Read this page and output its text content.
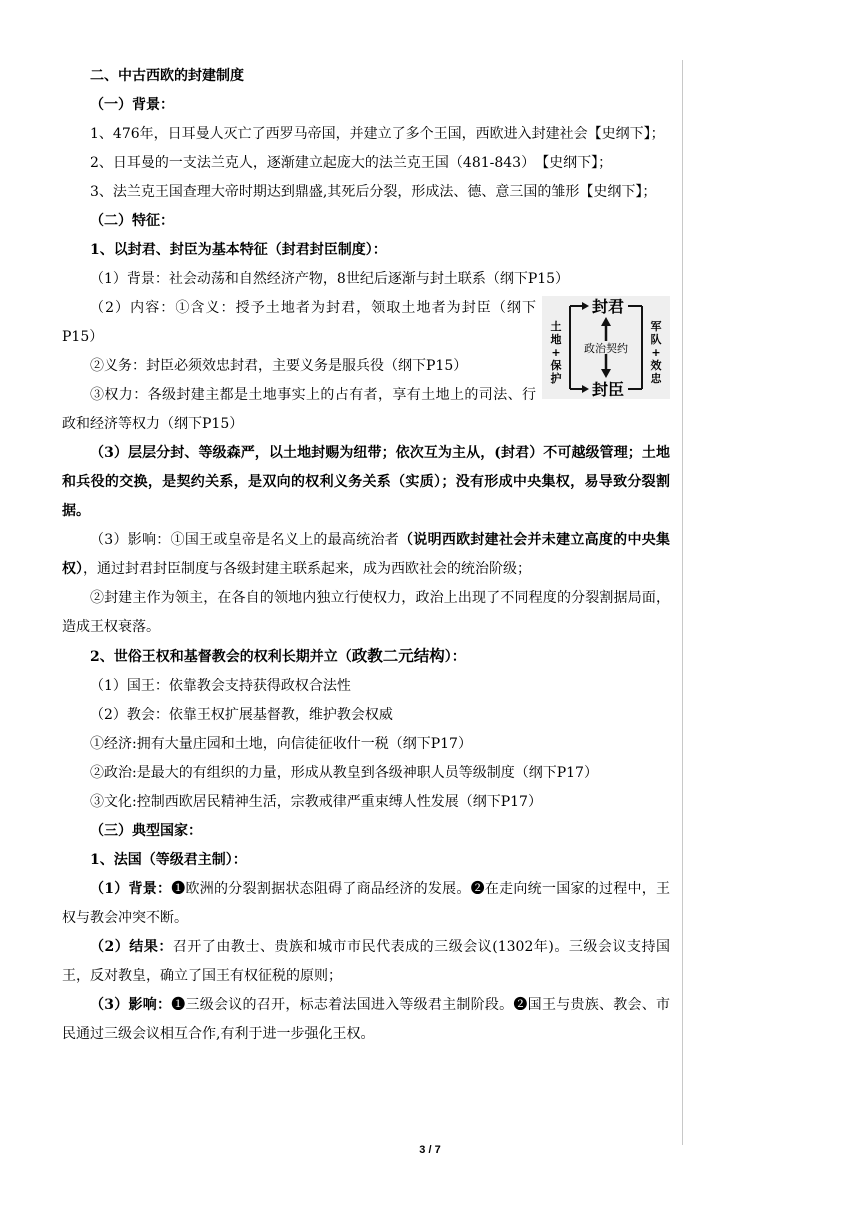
二、中古西欧的封建制度

（一）背景：

1、476年，日耳曼人灭亡了西罗马帝国，并建立了多个王国，西欧进入封建社会【史纲下】；

2、日耳曼的一支法兰克人，逐渐建立起庞大的法兰克王国（481-843）　【史纲下】；

3、法兰克王国查理大帝时期达到鼎盛,其死后分裂，形成法、德、意三国的雏形【史纲下】；

（二）特征：

1、以封君、封臣为基本特征（封君封臣制度）：

（1）背景：社会动荡和自然经济产物，8世纪后逐渐与封土联系（纲下P15）

封君
封臣
政治契约
土
地
+
保
护
军
队
+
效
忠

（2）内容：①含义：授予土地者为封君，领取土地者为封臣（纲下P15）

②义务：封臣必须效忠封君，主要义务是服兵役（纲下P15）

③权力：各级封建主都是土地事实上的占有者，享有土地上的司法、行政和经济等权力（纲下P15）

（3）层层分封、等级森严，以土地封赐为纽带；依次互为主从，(封君）不可越级管理；土地和兵役的交换，是契约关系，是双向的权利义务关系（实质）；没有形成中央集权，易导致分裂割据。

（3）影响：①国王或皇帝是名义上的最高统治者（说明西欧封建社会并未建立高度的中央集权），通过封君封臣制度与各级封建主联系起来，成为西欧社会的统治阶级；

②封建主作为领主，在各自的领地内独立行使权力，政治上出现了不同程度的分裂割据局面，造成王权衰落。

2、世俗王权和基督教会的权利长期并立（政教二元结构）：

（1）国王：依靠教会支持获得政权合法性

（2）教会：依靠王权扩展基督教，维护教会权威

①经济:拥有大量庄园和土地，向信徒征收什一税（纲下P17）

②政治:是最大的有组织的力量，形成从教皇到各级神职人员等级制度（纲下P17）

③文化:控制西欧居民精神生活，宗教戒律严重束缚人性发展（纲下P17）

（三）典型国家：

1、法国（等级君主制）：

（1）背景：❶欧洲的分裂割据状态阻碍了商品经济的发展。❷在走向统一国家的过程中，王权与教会冲突不断。

（2）结果：召开了由教士、贵族和城市市民代表成的三级会议(1302年)。三级会议支持国王，反对教皇，确立了国王有权征税的原则；

（3）影响：❶三级会议的召开，标志着法国进入等级君主制阶段。❷国王与贵族、教会、市民通过三级会议相互合作,有利于进一步强化王权。

3 / 7
